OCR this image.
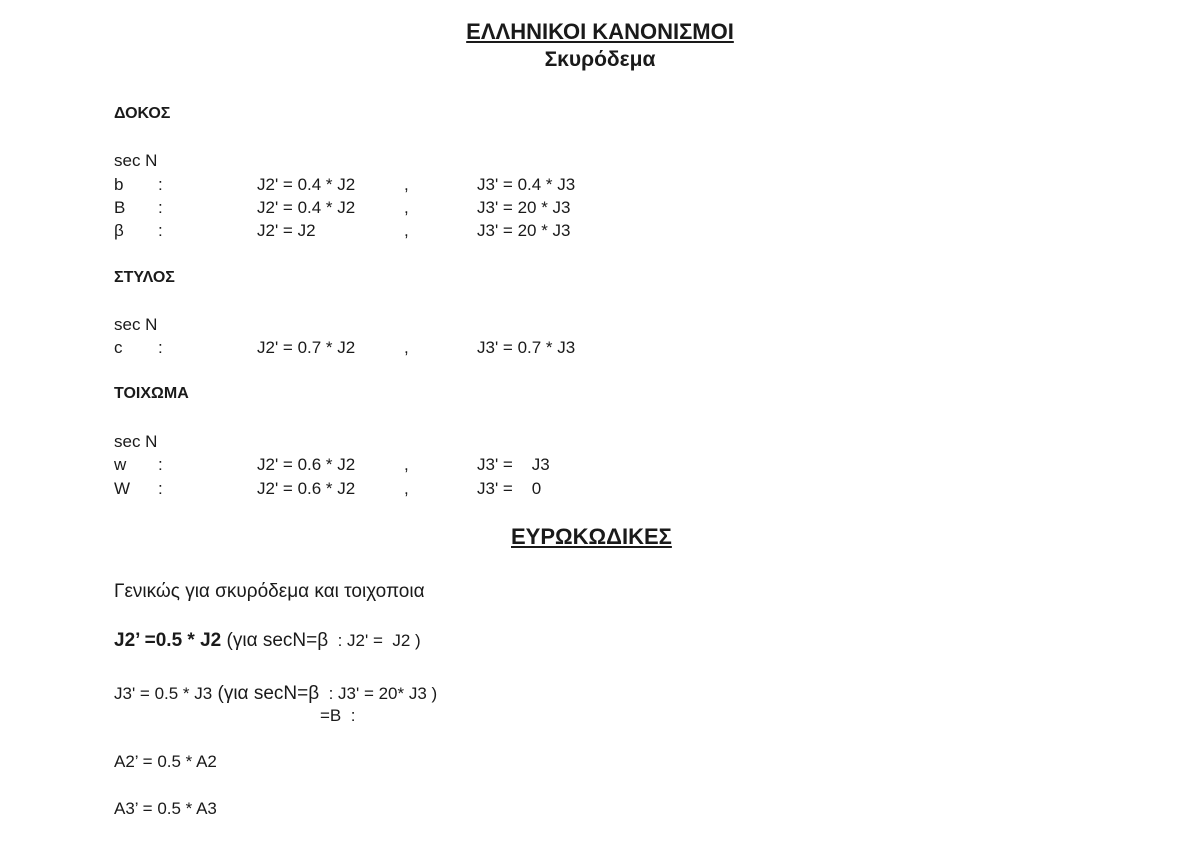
ΕΛΛΗΝΙΚΟΙ ΚΑΝΟΝΙΣΜΟΙ
Σκυρόδεμα
ΔΟΚΟΣ
sec N
b :	J2' = 0.4 * J2	,	J3' = 0.4 * J3
B :	J2' = 0.4 * J2	,	J3' = 20 * J3
β :	J2' = J2	,	J3' = 20 * J3
ΣΤΥΛΟΣ
sec N
c :	J2' = 0.7 * J2	,	J3' = 0.7 * J3
ΤΟΙΧΩΜΑ
sec N
w :	J2' = 0.6 * J2	,	J3' =    J3
W :	J2' = 0.6 * J2	,	J3' =    0
ΕΥΡΩΚΩΔΙΚΕΣ
Γενικώς για σκυρόδεμα και τοιχοποια
J2’ =0.5 * J2 (για secN=β  : J2' =  J2 )
J3' = 0.5 * J3 (για secN=β  : J3' = 20* J3 )
=B  :
A2’ = 0.5 * A2
A3’ = 0.5 * A3
